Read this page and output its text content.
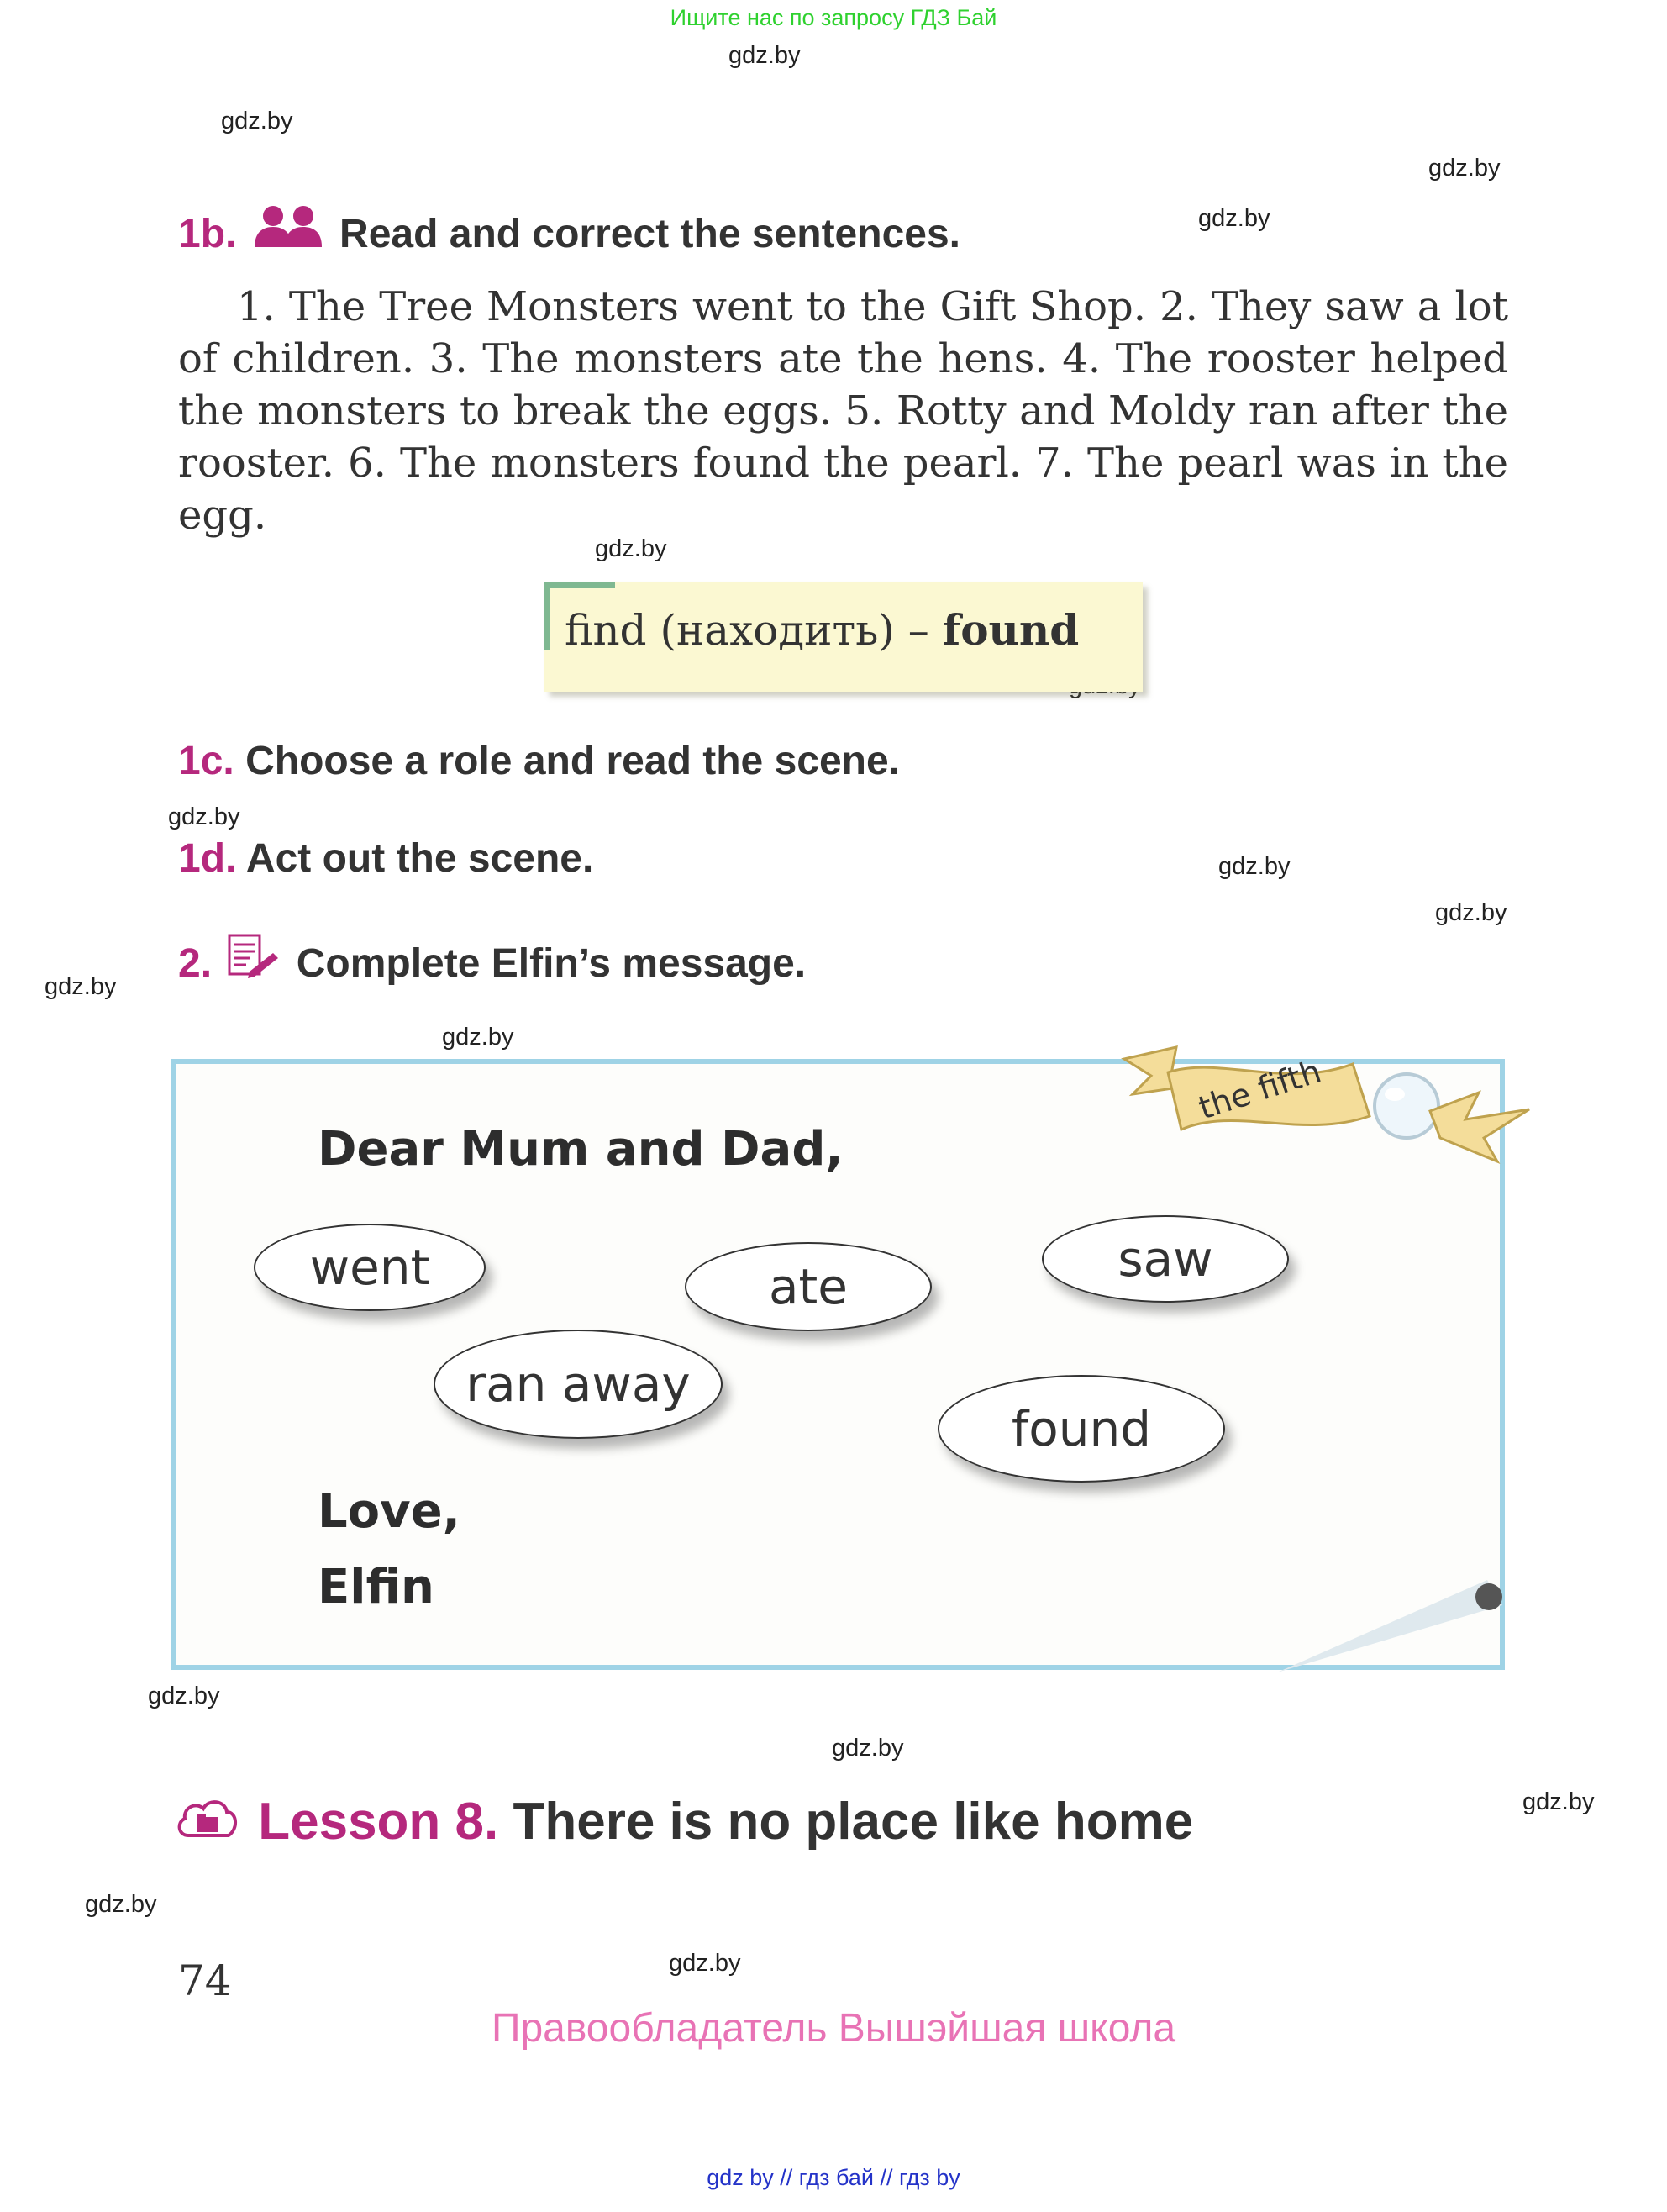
Ищите нас по запросу ГДЗ Бай
gdz.by
gdz.by
gdz.by
gdz.by
gdz.by
gdz.by
gdz.by
gdz.by
gdz.by
gdz.by
gdz.by
gdz.by
gdz.by
gdz.by
gdz.by
1b.	Read and correct the sentences.
1. The Tree Monsters went to the Gift Shop. 2. They saw a lot of children. 3. The monsters ate the hens. 4. The rooster helped the monsters to break the eggs. 5. Rotty and Moldy ran after the rooster. 6. The monsters found the pearl. 7. The pearl was in the egg.
find (находить) – found
1c. Choose a role and read the scene.
1d. Act out the scene.
2. Complete Elfin’s message.
the fifth
Dear Mum and Dad,
went	ate	saw
ran away
found
Love,
Elfin
Lesson 8. There is no place like home
74
Правообладатель Вышэйшая школа
gdz by // гдз бай // гдз by
